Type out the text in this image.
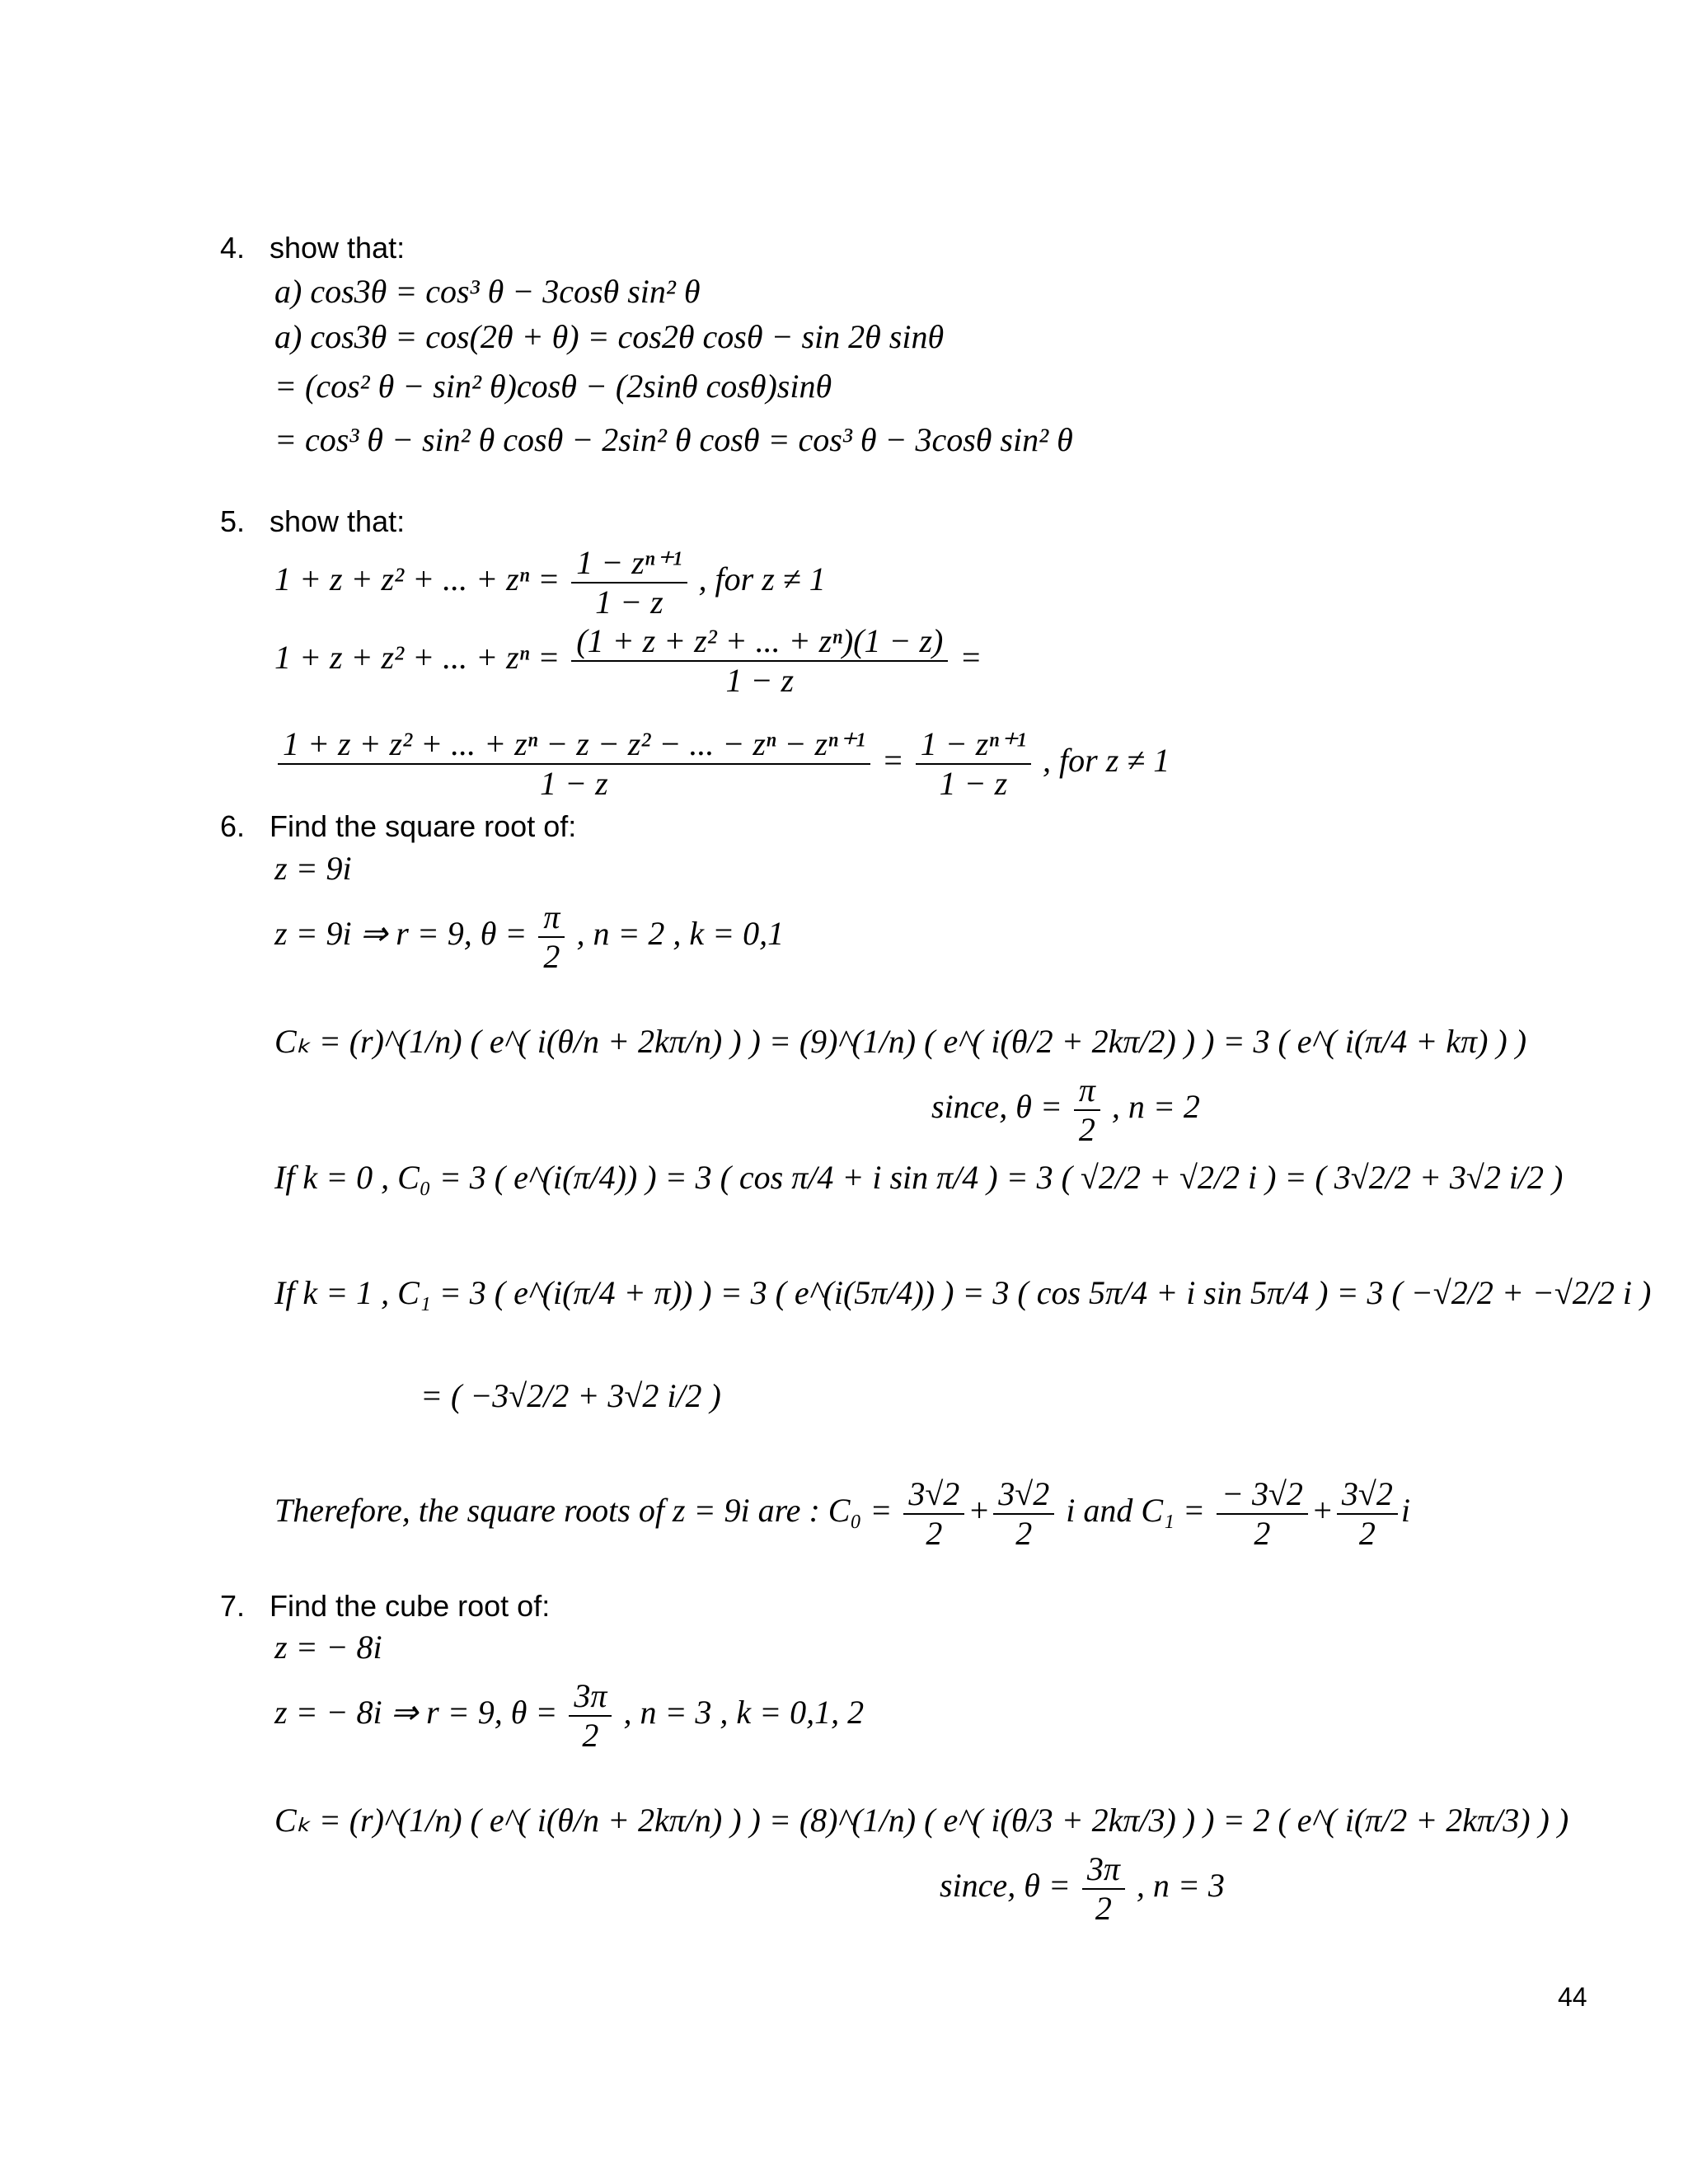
4. show that:
a) cos3θ = cos³ θ − 3cosθ sin² θ
a) cos3θ = cos(2θ + θ) = cos2θ cosθ − sin 2θ sinθ
= (cos² θ − sin² θ)cosθ − (2sinθ cosθ)sinθ
= cos³ θ − sin² θ cosθ − 2sin² θ cosθ = cos³ θ − 3cosθ sin² θ
5. show that:
1 + z + z² + ... + $z^n = \frac{\text{1 − zⁿ⁺¹}}{1 - z}$ , for z ≠ 1
1 + z + z² + ... + $z^n = \frac{\text{(1 + z + z² + ... + zⁿ)(1 − z)}}{1 - z}$ =
$\frac{\text{1 + z + z² + ... + zⁿ − z − z² − ... − zⁿ − zⁿ⁺¹}}{1 - z} = \frac{\text{1 − zⁿ⁺¹}}{1 - z}$ , for z ≠ 1
6. Find the square root of:
z = 9i
z = 9i ⇒ r = 9, $\theta = \frac{\pi}{2}$ , n = 2 , k = 0,1
Cₖ = (r)^(1/n) ( e^( i(θ/n + 2kπ/n) ) ) = (9)^(1/n) ( e^( i(θ/2 + 2kπ/2) ) ) = 3 ( e^( i(π/4 + kπ) ) )
since, $\theta = \frac{\pi}{2}$ , n = 2
If k = 0 , C₀ = 3 ( e^(i(π/4)) ) = 3 ( cos π/4 + i sin π/4 ) = 3 ( √2/2 + √2/2 i ) = ( 3√2/2 + 3√2 i/2 )
If k = 1 , C₁ = 3 ( e^(i(π/4 + π)) ) = 3 ( e^(i(5π/4)) ) = 3 ( cos 5π/4 + i sin 5π/4 ) = 3 ( −√2/2 + −√2/2 i )
= ( −3√2/2 + 3√2 i/2 )
Therefore, the square roots of z = 9i are : $C_0 = \frac{3√2}{2} + \frac{3√2}{2}$ i and $C_1 = \frac{- 3√2}{2} + \frac{3√2}{2}$ i
7. Find the cube root of:
z = − 8i
z = − 8i ⇒ r = 9, $\theta = \frac{3\pi}{2}$ , n = 3 , k = 0,1, 2
Cₖ = (r)^(1/n) ( e^( i(θ/n + 2kπ/n) ) ) = (8)^(1/n) ( e^( i(θ/3 + 2kπ/3) ) ) = 2 ( e^( i(π/2 + 2kπ/3) ) )
since, $\theta = \frac{3\pi}{2}$ , n = 3
44
